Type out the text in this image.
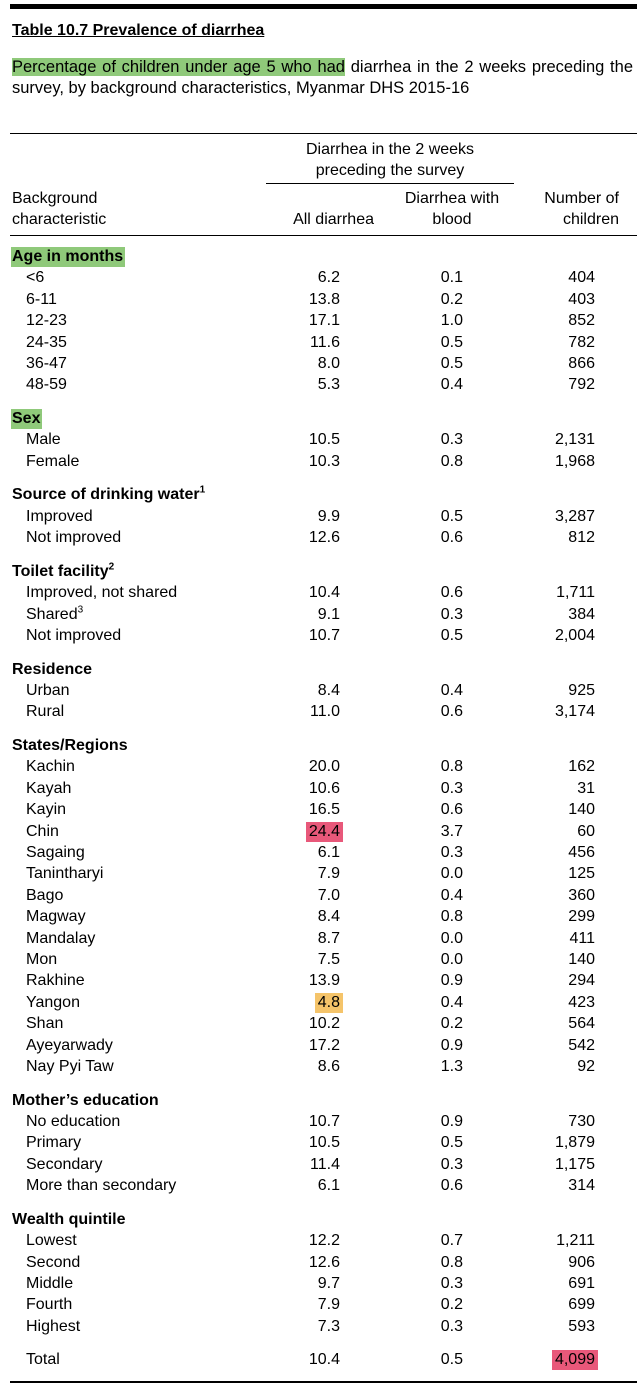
Table 10.7 Prevalence of diarrhea
Percentage of children under age 5 who had diarrhea in the 2 weeks preceding the survey, by background characteristics, Myanmar DHS 2015-16
Diarrhea in the 2 weeks
preceding the survey
Background
characteristic	All diarrhea
Diarrhea with
blood
Number of
children
Age in months
<6	6.2	0.1	404
6-11	13.8	0.2	403
12-23	17.1	1.0	852
24-35	11.6	0.5	782
36-47	8.0	0.5	866
48-59	5.3	0.4	792
Sex
Male	10.5	0.3	2,131
Female	10.3	0.8	1,968
Source of drinking water$^1$
Improved	9.9	0.5	3,287
Not improved	12.6	0.6	812
Toilet facility$^2$
Improved, not shared	10.4	0.6	1,711
Shared$^3$	9.1	0.3	384
Not improved	10.7	0.5	2,004
Residence
Urban	8.4	0.4	925
Rural	11.0	0.6	3,174
States/Regions
Kachin	20.0	0.8	162
Kayah	10.6	0.3	31
Kayin	16.5	0.6	140
Chin	24.4	3.7	60
Sagaing	6.1	0.3	456
Tanintharyi	7.9	0.0	125
Bago	7.0	0.4	360
Magway	8.4	0.8	299
Mandalay	8.7	0.0	411
Mon	7.5	0.0	140
Rakhine	13.9	0.9	294
Yangon	4.8	0.4	423
Shan	10.2	0.2	564
Ayeyarwady	17.2	0.9	542
Nay Pyi Taw	8.6	1.3	92
Mother’s education
No education	10.7	0.9	730
Primary	10.5	0.5	1,879
Secondary	11.4	0.3	1,175
More than secondary	6.1	0.6	314
Wealth quintile
Lowest	12.2	0.7	1,211
Second	12.6	0.8	906
Middle	9.7	0.3	691
Fourth	7.9	0.2	699
Highest	7.3	0.3	593
Total	10.4	0.5	4,099
